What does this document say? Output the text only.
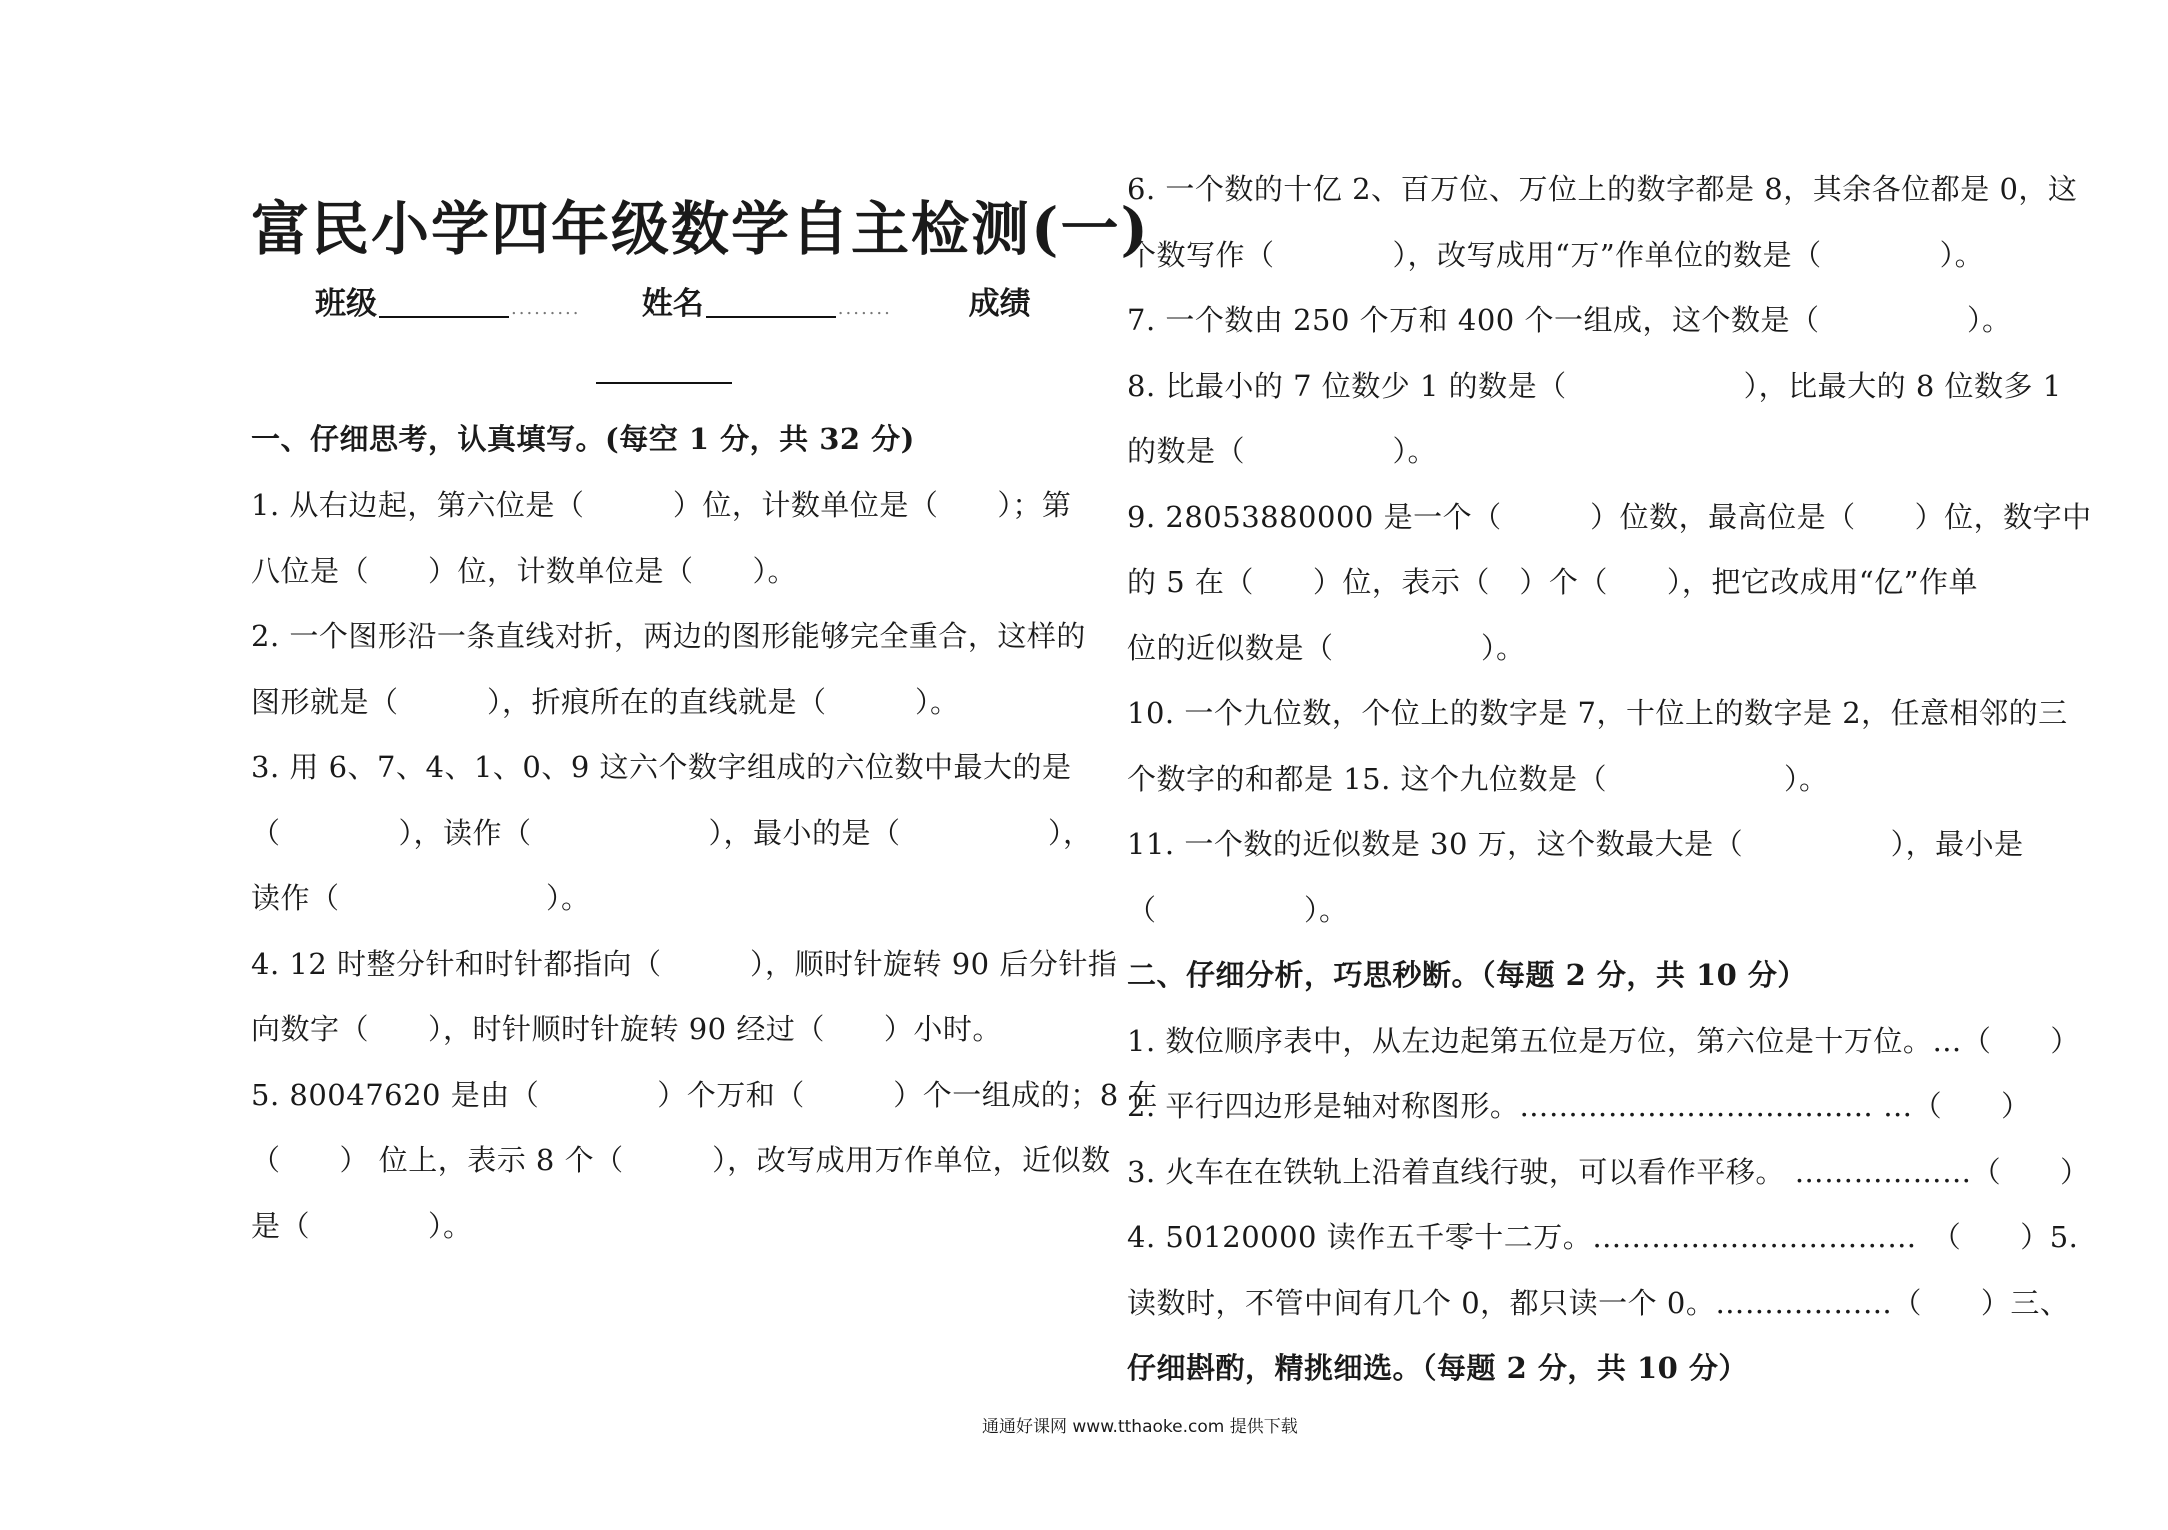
富民小学四年级数学自主检测(一)
班级	......... 姓名	....... 成绩
一、仔细思考，认真填写。(每空 1 分，共 32 分)
1. 从右边起，第六位是（　　　）位，计数单位是（　　）；第
八位是（　　）位，计数单位是（　　）。
2. 一个图形沿一条直线对折，两边的图形能够完全重合，这样的
图形就是（　　　），折痕所在的直线就是（　　　）。
3. 用 6、7、4、1、0、9 这六个数字组成的六位数中最大的是
（　　　　），读作（　　　　　　），最小的是（　　　　　），
读作（　　　　　　　）。
4. 12 时整分针和时针都指向（　　　），顺时针旋转 90 后分针指
向数字（　　），时针顺时针旋转 90 经过（　　）小时。
5. 80047620 是由（　　　　）个万和（　　　）个一组成的；8 在
（　　） 位上，表示 8 个（　　　），改写成用万作单位，近似数
是（　　　　）。
6. 一个数的十亿 2、百万位、万位上的数字都是 8，其余各位都是 0，这
个数写作（　　　　），改写成用“万”作单位的数是（　　　　）。
7. 一个数由 250 个万和 400 个一组成，这个数是（　　　　　）。
8. 比最小的 7 位数少 1 的数是（　　　　　　），比最大的 8 位数多 1
的数是（　　　　　）。
9. 28053880000 是一个（　　　）位数，最高位是（　　）位，数字中
的 5 在（　　）位，表示（　）个（　　），把它改成用“亿”作单
位的近似数是（　　　　　）。
10. 一个九位数，个位上的数字是 7，十位上的数字是 2，任意相邻的三
个数字的和都是 15. 这个九位数是（　　　　　　）。
11. 一个数的近似数是 30 万，这个数最大是（　　　　　），最小是
（　　　　　）。
二、仔细分析，巧思秒断。（每题 2 分，共 10 分）
1. 数位顺序表中，从左边起第五位是万位，第六位是十万位。…（　　）
2. 平行四边形是轴对称图形。……………………………… …（　　）
3. 火车在在铁轨上沿着直线行驶，可以看作平移。 ………………（　　）
4. 50120000 读作五千零十二万。……………………………　（　　）5.
读数时，不管中间有几个 0，都只读一个 0。………………（　　）三、
仔细斟酌，精挑细选。（每题 2 分，共 10 分）
通通好课网 www.tthaoke.com 提供下载
